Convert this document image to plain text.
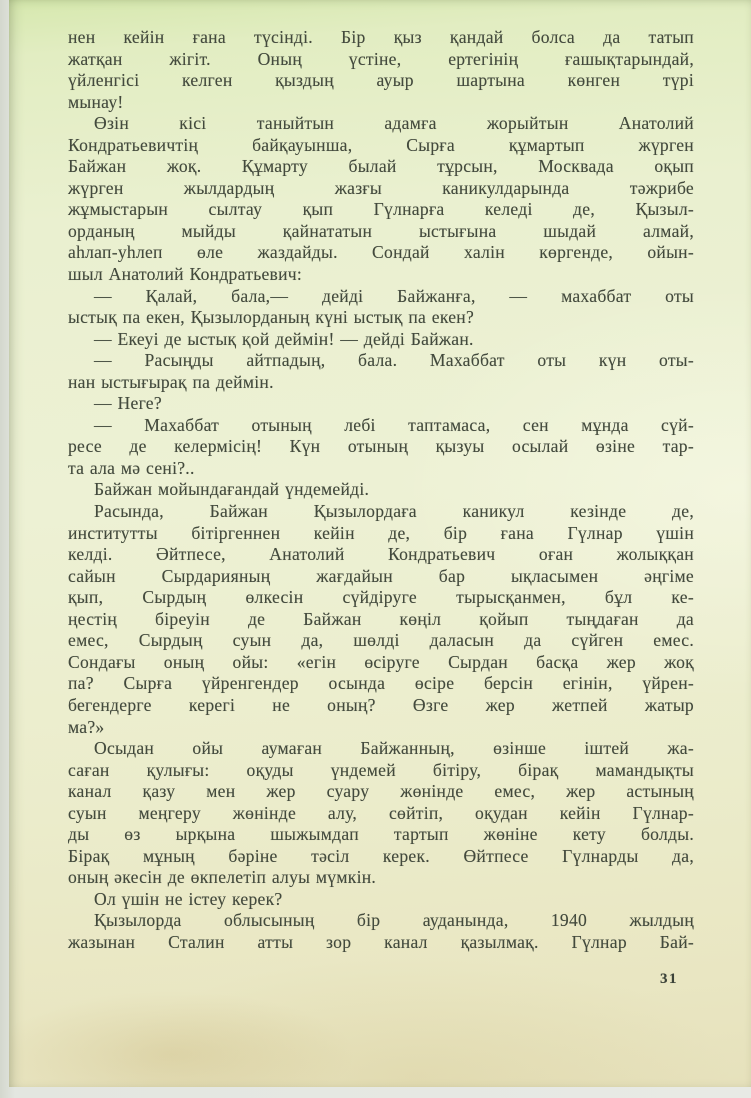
нен кейін ғана түсінді. Бір қыз қандай болса да татып
жатқан жігіт. Оның үстіне, ертегінің ғашықтарындай,
үйленгісі келген қыздың ауыр шартына көнген түрі
мынау!
Өзін кісі таныйтын адамға жорыйтын Анатолий
Кондратьевичтің байқауынша, Сырға құмартып жүрген
Байжан жоқ. Құмарту былай тұрсын, Москвада оқып
жүрген жылдардың жазғы каникулдарында тәжрибе
жұмыстарын сылтау қып Гүлнарға келеді де, Қызыл-
орданың мыйды қайнататын ыстығына шыдай алмай,
аһлап-уһлеп өле жаздайды. Сондай халін көргенде, ойын-
шыл Анатолий Кондратьевич:
— Қалай, бала,— дейді Байжанға, — махаббат оты
ыстық па екен, Қызылорданың күні ыстық па екен?
— Екеуі де ыстық қой деймін! — дейді Байжан.
— Расыңды айтпадың, бала. Махаббат оты күн оты-
нан ыстығырақ па деймін.
— Неге?
— Махаббат отының лебі таптамаса, сен мұнда сүй-
ресе де келермісің! Күн отының қызуы осылай өзіне тар-
та ала мә сені?..
Байжан мойындағандай үндемейді.
Расында, Байжан Қызылордаға каникул кезінде де,
институтты бітіргеннен кейін де, бір ғана Гүлнар үшін
келді. Әйтпесе, Анатолий Кондратьевич оған жолыққан
сайын Сырдарияның жағдайын бар ықласымен әңгіме
қып, Сырдың өлкесін сүйдіруге тырысқанмен, бұл ке-
ңестің біреуін де Байжан көңіл қойып тыңдаған да
емес, Сырдың суын да, шөлді даласын да сүйген емес.
Сондағы оның ойы: «егін өсіруге Сырдан басқа жер жоқ
па? Сырға үйренгендер осында өсіре берсін егінін, үйрен-
бегендерге керегі не оның? Өзге жер жетпей жатыр
ма?»
Осыдан ойы аумаған Байжанның, өзінше іштей жа-
саған қулығы: оқуды үндемей бітіру, бірақ мамандықты
канал қазу мен жер суару жөнінде емес, жер астының
суын меңгеру жөнінде алу, сөйтіп, оқудан кейін Гүлнар-
ды өз ырқына шыжымдап тартып жөніне кету болды.
Бірақ мұның бәріне тәсіл керек. Өйтпесе Гүлнарды да,
оның әкесін де өкпелетіп алуы мүмкін.
Ол үшін не істеу керек?
Қызылорда облысының бір ауданында, 1940 жылдың
жазынан Сталин атты зор канал қазылмақ. Гүлнар Бай-
31
